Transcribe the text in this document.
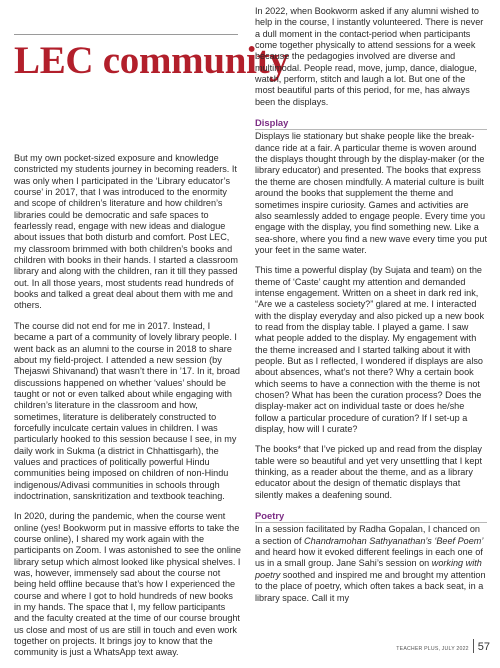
LEC community

But my own pocket-sized exposure and knowledge constricted my students journey in becoming readers. It was only when I participated in the ‘Library educator’s course’ in 2017, that I was introduced to the enormity and scope of children’s literature and how children’s libraries could be democratic and safe spaces to fearlessly read, engage with new ideas and dialogue about issues that both disturb and comfort. Post LEC, my classroom brimmed with both children’s books and children with books in their hands. I started a classroom library and along with the children, ran it till they passed out. In all those years, most students read hundreds of books and talked a great deal about them with me and others.

The course did not end for me in 2017. Instead, I became a part of a community of lovely library people. I went back as an alumni to the course in 2018 to share about my field-project. I attended a new session (by Thejaswi Shivanand) that wasn’t there in ’17. In it, broad discussions happened on whether ‘values’ should be taught or not or even talked about while engaging with children’s literature in the classroom and how, sometimes, literature is deliberately constructed to forcefully inculcate certain values in children. I was particularly hooked to this session because I see, in my daily work in Sukma (a district in Chhattisgarh), the values and practices of politically powerful Hindu communities being imposed on children of non-Hindu indigenous/Adivasi communities in schools through indoctrination, sanskritization and textbook teaching.

In 2020, during the pandemic, when the course went online (yes! Bookworm put in massive efforts to take the course online), I shared my work again with the participants on Zoom. I was astonished to see the online library setup which almost looked like physical shelves. I was, however, immensely sad about the course not being held offline because that’s how I experienced the course and where I got to hold hundreds of new books in my hands. The space that I, my fellow participants and the faculty created at the time of our course brought us close and most of us are still in touch and even work together on projects. It brings joy to know that the community is just a WhatsApp text away.

In 2022, when Bookworm asked if any alumni wished to help in the course, I instantly volunteered. There is never a dull moment in the contact-period when participants come together physically to attend sessions for a week because the pedagogies involved are diverse and multimodal. People read, move, jump, dance, dialogue, watch, perform, stitch and laugh a lot. But one of the most beautiful parts of this period, for me, has always been the displays.

Display

Displays lie stationary but shake people like the break-dance ride at a fair. A particular theme is woven around the displays thought through by the display-maker (or the library educator) and presented. The books that express the theme are chosen mindfully. A material culture is built around the books that supplement the theme and sometimes inspire curiosity. Games and activities are also seamlessly added to engage people. Every time you engage with the display, you find something new. Like a sea-shore, where you find a new wave every time you put your feet in the same water.

This time a powerful display (by Sujata and team) on the theme of ‘Caste’ caught my attention and demanded intense engagement. Written on a sheet in dark red ink, “Are we a casteless society?” glared at me. I interacted with the display everyday and also picked up a new book to read from the display table. I played a game. I saw what people added to the display. My engagement with the theme increased and I started talking about it with people. But as I reflected, I wondered if displays are also about absences, what’s not there? Why a certain book which seems to have a connection with the theme is not chosen? What has been the curation process? Does the display-maker act on individual taste or does he/she follow a particular procedure of curation? If I set-up a display, how will I curate?

The books* that I’ve picked up and read from the display table were so beautiful and yet very unsettling that I kept thinking, as a reader about the theme, and as a library educator about the design of thematic displays that silently makes a deafening sound.

Poetry

In a session facilitated by Radha Gopalan, I chanced on a section of Chandramohan Sathyanathan’s ‘Beef Poem’ and heard how it evoked different feelings in each one of us in a small group. Jane Sahi’s session on working with poetry soothed and inspired me and brought my attention to the place of poetry, which often takes a back seat, in a library space. Call it my

TEACHER PLUS, JULY 2022 57
